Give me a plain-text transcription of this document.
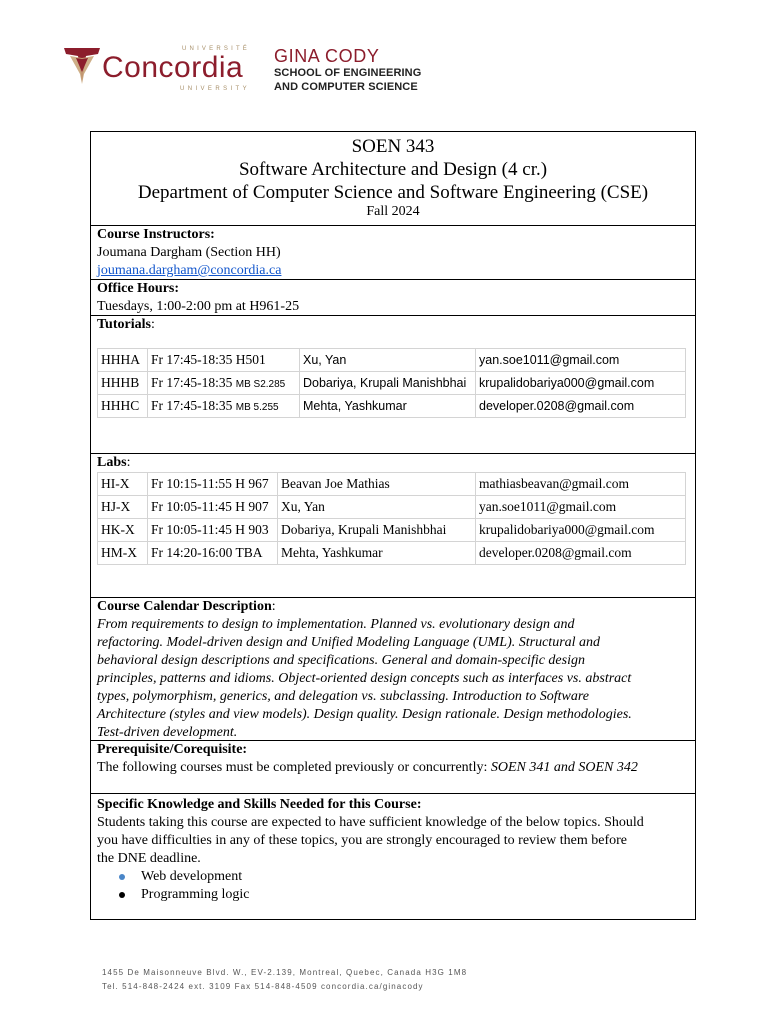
UNIVERSITÉ
Concordia
UNIVERSITY
GINA CODY
SCHOOL OF ENGINEERING
AND COMPUTER SCIENCE
SOEN 343
Software Architecture and Design (4 cr.)
Department of Computer Science and Software Engineering (CSE)
Fall 2024
Course Instructors:
Joumana Dargham (Section HH)
joumana.dargham@concordia.ca
Office Hours:
Tuesdays, 1:00-2:00 pm at H961-25
Tutorials:
HHHA	Fr 17:45-18:35 H501	Xu, Yan	yan.soe1011@gmail.com
HHHB	Fr 17:45-18:35 MB S2.285	Dobariya, Krupali Manishbhai	krupalidobariya000@gmail.com
HHHC	Fr 17:45-18:35 MB 5.255	Mehta, Yashkumar	developer.0208@gmail.com
Labs:
HI-X	Fr 10:15-11:55 H 967	Beavan Joe Mathias	mathiasbeavan@gmail.com
HJ-X	Fr 10:05-11:45 H 907	Xu, Yan	yan.soe1011@gmail.com
HK-X	Fr 10:05-11:45 H 903	Dobariya, Krupali Manishbhai	krupalidobariya000@gmail.com
HM-X	Fr 14:20-16:00 TBA	Mehta, Yashkumar	developer.0208@gmail.com
Course Calendar Description:
From requirements to design to implementation. Planned vs. evolutionary design and
refactoring. Model-driven design and Unified Modeling Language (UML). Structural and
behavioral design descriptions and specifications. General and domain-specific design
principles, patterns and idioms. Object-oriented design concepts such as interfaces vs. abstract
types, polymorphism, generics, and delegation vs. subclassing. Introduction to Software
Architecture (styles and view models). Design quality. Design rationale. Design methodologies.
Test-driven development.
Prerequisite/Corequisite:
The following courses must be completed previously or concurrently: SOEN 341 and SOEN 342
Specific Knowledge and Skills Needed for this Course:
Students taking this course are expected to have sufficient knowledge of the below topics. Should
you have difficulties in any of these topics, you are strongly encouraged to review them before
the DNE deadline.
Web development
Programming logic
1455 De Maisonneuve Blvd. W., EV-2.139, Montreal, Quebec, Canada H3G 1M8
Tel. 514-848-2424 ext. 3109 Fax 514-848-4509 concordia.ca/ginacody
